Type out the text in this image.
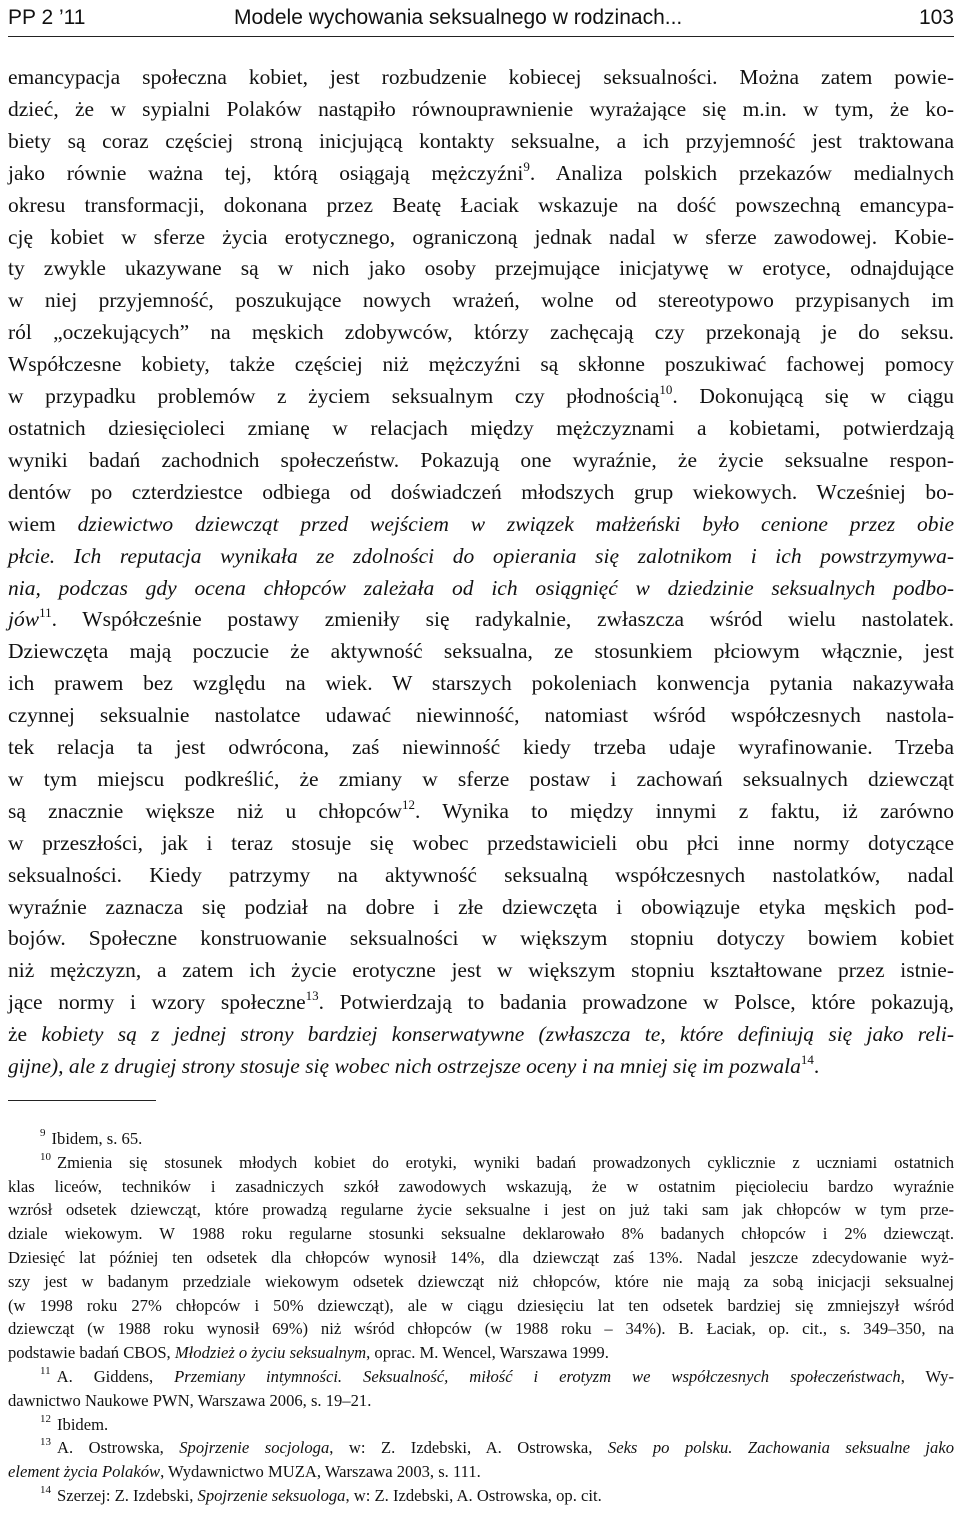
PP 2 ’11	Modele wychowania seksualnego w rodzinach...	103
emancypacja społeczna kobiet, jest rozbudzenie kobiecej seksualności. Można zatem powie-
dzieć, że w sypialni Polaków nastąpiło równouprawnienie wyrażające się m.in. w tym, że ko-
biety są coraz częściej stroną inicjującą kontakty seksualne, a ich przyjemność jest traktowana
jako równie ważna tej, którą osiągają mężczyźni$^9$. Analiza polskich przekazów medialnych
okresu transformacji, dokonana przez Beatę Łaciak wskazuje na dość powszechną emancypa-
cję kobiet w sferze życia erotycznego, ograniczoną jednak nadal w sferze zawodowej. Kobie-
ty zwykle ukazywane są w nich jako osoby przejmujące inicjatywę w erotyce, odnajdujące
w niej przyjemność, poszukujące nowych wrażeń, wolne od stereotypowo przypisanych im
ról „oczekujących” na męskich zdobywców, którzy zachęcają czy przekonają je do seksu.
Współczesne kobiety, także częściej niż mężczyźni są skłonne poszukiwać fachowej pomocy
w przypadku problemów z życiem seksualnym czy płodnością$^{10}$. Dokonującą się w ciągu
ostatnich dziesięcioleci zmianę w relacjach między mężczyznami a kobietami, potwierdzają
wyniki badań zachodnich społeczeństw. Pokazują one wyraźnie, że życie seksualne respon-
dentów po czterdziestce odbiega od doświadczeń młodszych grup wiekowych. Wcześniej bo-
wiem dziewictwo dziewcząt przed wejściem w związek małżeński było cenione przez obie
płcie. Ich reputacja wynikała ze zdolności do opierania się zalotnikom i ich powstrzymywa-
nia, podczas gdy ocena chłopców zależała od ich osiągnięć w dziedzinie seksualnych podbo-
jów$^{11}$. Współcześnie postawy zmieniły się radykalnie, zwłaszcza wśród wielu nastolatek.
Dziewczęta mają poczucie że aktywność seksualna, ze stosunkiem płciowym włącznie, jest
ich prawem bez względu na wiek. W starszych pokoleniach konwencja pytania nakazywała
czynnej seksualnie nastolatce udawać niewinność, natomiast wśród współczesnych nastola-
tek relacja ta jest odwrócona, zaś niewinność kiedy trzeba udaje wyrafinowanie. Trzeba
w tym miejscu podkreślić, że zmiany w sferze postaw i zachowań seksualnych dziewcząt
są znacznie większe niż u chłopców$^{12}$. Wynika to między innymi z faktu, iż zarówno
w przeszłości, jak i teraz stosuje się wobec przedstawicieli obu płci inne normy dotyczące
seksualności. Kiedy patrzymy na aktywność seksualną współczesnych nastolatków, nadal
wyraźnie zaznacza się podział na dobre i złe dziewczęta i obowiązuje etyka męskich pod-
bojów. Społeczne konstruowanie seksualności w większym stopniu dotyczy bowiem kobiet
niż mężczyzn, a zatem ich życie erotyczne jest w większym stopniu kształtowane przez istnie-
jące normy i wzory społeczne$^{13}$. Potwierdzają to badania prowadzone w Polsce, które pokazują,
że kobiety są z jednej strony bardziej konserwatywne (zwłaszcza te, które definiują się jako reli-
gijne), ale z drugiej strony stosuje się wobec nich ostrzejsze oceny i na mniej się im pozwala$^{14}$.
$^9$ Ibidem, s. 65.
$^{10}$ Zmienia się stosunek młodych kobiet do erotyki, wyniki badań prowadzonych cyklicznie z uczniami ostatnich
klas liceów, techników i zasadniczych szkół zawodowych wskazują, że w ostatnim pięcioleciu bardzo wyraźnie
wzrósł odsetek dziewcząt, które prowadzą regularne życie seksualne i jest on już taki sam jak chłopców w tym prze-
dziale wiekowym. W 1988 roku regularne stosunki seksualne deklarowało 8% badanych chłopców i 2% dziewcząt.
Dziesięć lat później ten odsetek dla chłopców wynosił 14%, dla dziewcząt zaś 13%. Nadal jeszcze zdecydowanie wyż-
szy jest w badanym przedziale wiekowym odsetek dziewcząt niż chłopców, które nie mają za sobą inicjacji seksualnej
(w 1998 roku 27% chłopców i 50% dziewcząt), ale w ciągu dziesięciu lat ten odsetek bardziej się zmniejszył wśród
dziewcząt (w 1988 roku wynosił 69%) niż wśród chłopców (w 1988 roku – 34%). B. Łaciak, op. cit., s. 349–350, na
podstawie badań CBOS, Młodzież o życiu seksualnym, oprac. M. Wencel, Warszawa 1999.
$^{11}$ A. Giddens, Przemiany intymności. Seksualność, miłość i erotyzm we współczesnych społeczeństwach, Wy-
dawnictwo Naukowe PWN, Warszawa 2006, s. 19–21.
$^{12}$ Ibidem.
$^{13}$ A. Ostrowska, Spojrzenie socjologa, w: Z. Izdebski, A. Ostrowska, Seks po polsku. Zachowania seksualne jako
element życia Polaków, Wydawnictwo MUZA, Warszawa 2003, s. 111.
$^{14}$ Szerzej: Z. Izdebski, Spojrzenie seksuologa, w: Z. Izdebski, A. Ostrowska, op. cit.
